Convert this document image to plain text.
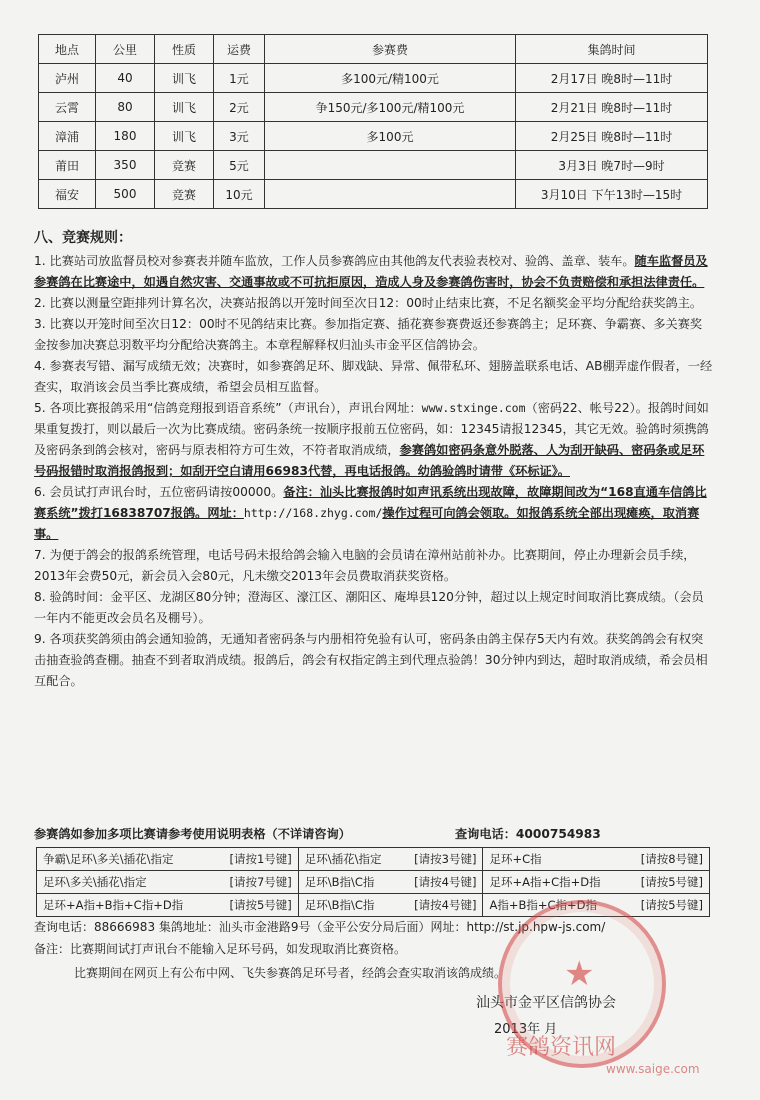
地点	公里	性质	运费	参赛费	集鸽时间
泸州	40	训飞	1元	多100元/精100元	2月17日 晚8时—11时
云霄	80	训飞	2元	争150元/多100元/精100元	2月21日 晚8时—11时
漳浦	180	训飞	3元	多100元	2月25日 晚8时—11时
莆田	350	竞赛	5元		3月3日 晚7时—9时
福安	500	竞赛	10元		3月10日 下午13时—15时
八、竞赛规则：

1. 比赛站司放监督员校对参赛表并随车监放，工作人员参赛鸽应由其他鸽友代表验表校对、验鸽、盖章、装车。随车监督员及参赛鸽在比赛途中，如遇自然灾害、交通事故或不可抗拒原因，造成人身及参赛鸽伤害时，协会不负责赔偿和承担法律责任。

2. 比赛以测量空距排列计算名次，决赛站报鸽以开笼时间至次日12：00时止结束比赛，不足名额奖金平均分配给获奖鸽主。

3. 比赛以开笼时间至次日12：00时不见鸽结束比赛。参加指定赛、插花赛参赛费返还参赛鸽主；足环赛、争霸赛、多关赛奖金按参加决赛总羽数平均分配给决赛鸽主。本章程解释权归汕头市金平区信鸽协会。

4. 参赛表写错、漏写成绩无效；决赛时，如参赛鸽足环、脚戏缺、异常、佩带私环、翅膀盖联系电话、AB棚弄虚作假者，一经查实，取消该会员当季比赛成绩，希望会员相互监督。

5. 各项比赛报鸽采用“信鸽竞翔报到语音系统”（声讯台），声讯台网址：www.stxinge.com（密码22、帐号22）。报鸽时间如果重复拨打，则以最后一次为比赛成绩。密码条统一按顺序报前五位密码，如：12345请报12345，其它无效。验鸽时须携鸽及密码条到鸽会核对，密码与原表相符方可生效，不符者取消成绩，参赛鸽如密码条意外脱落、人为刮开缺码、密码条或足环号码报错时取消报鸽报到；如刮开空白请用66983代替，再电话报鸽。幼鸽验鸽时请带《环标证》。

6. 会员试打声讯台时，五位密码请按00000。备注：汕头比赛报鸽时如声讯系统出现故障，故障期间改为“168直通车信鸽比赛系统”拨打16838707报鸽。网址：http://168.zhyg.com/操作过程可向鸽会领取。如报鸽系统全部出现瘫痪，取消赛事。

7. 为便于鸽会的报鸽系统管理，电话号码未报给鸽会输入电脑的会员请在漳州站前补办。比赛期间，停止办理新会员手续，2013年会费50元，新会员入会80元，凡未缴交2013年会员费取消获奖资格。

8. 验鸽时间：金平区、龙湖区80分钟；澄海区、濠江区、潮阳区、庵埠县120分钟，超过以上规定时间取消比赛成绩。（会员一年内不能更改会员名及棚号）。

9. 各项获奖鸽须由鸽会通知验鸽，无通知者密码条与内册相符免验有认可，密码条由鸽主保存5天内有效。获奖鸽鸽会有权突击抽查验鸽查棚。抽查不到者取消成绩。报鸽后，鸽会有权指定鸽主到代理点验鸽！30分钟内到达，超时取消成绩，希会员相互配合。

参赛鸽如参加多项比赛请参考使用说明表格（不详请咨询）	查询电话：4000754983
争霸\足环\多关\插花\指定 [请按1号键]	足环\插花\指定 [请按3号键]	足环+C指 [请按8号键]

足环\多关\插花\指定 [请按7号键]	足环\B指\C指 [请按4号键]	足环+A指+C指+D指 [请按5号键]

足环+A指+B指+C指+D指 [请按5号键]	足环\B指\C指 [请按4号键]	A指+B指+C指+D指 [请按5号键]
查询电话：88666983 集鸽地址：汕头市金港路9号（金平公安分局后面）网址：http://st.jp.hpw-js.com/
备注：比赛期间试打声讯台不能输入足环号码，如发现取消比赛资格。
比赛期间在网页上有公布中网、飞失参赛鸽足环号者，经鸽会查实取消该鸽成绩。
汕头市金平区信鸽协会
2013年 月
★
赛鸽资讯网
www.saige.com
